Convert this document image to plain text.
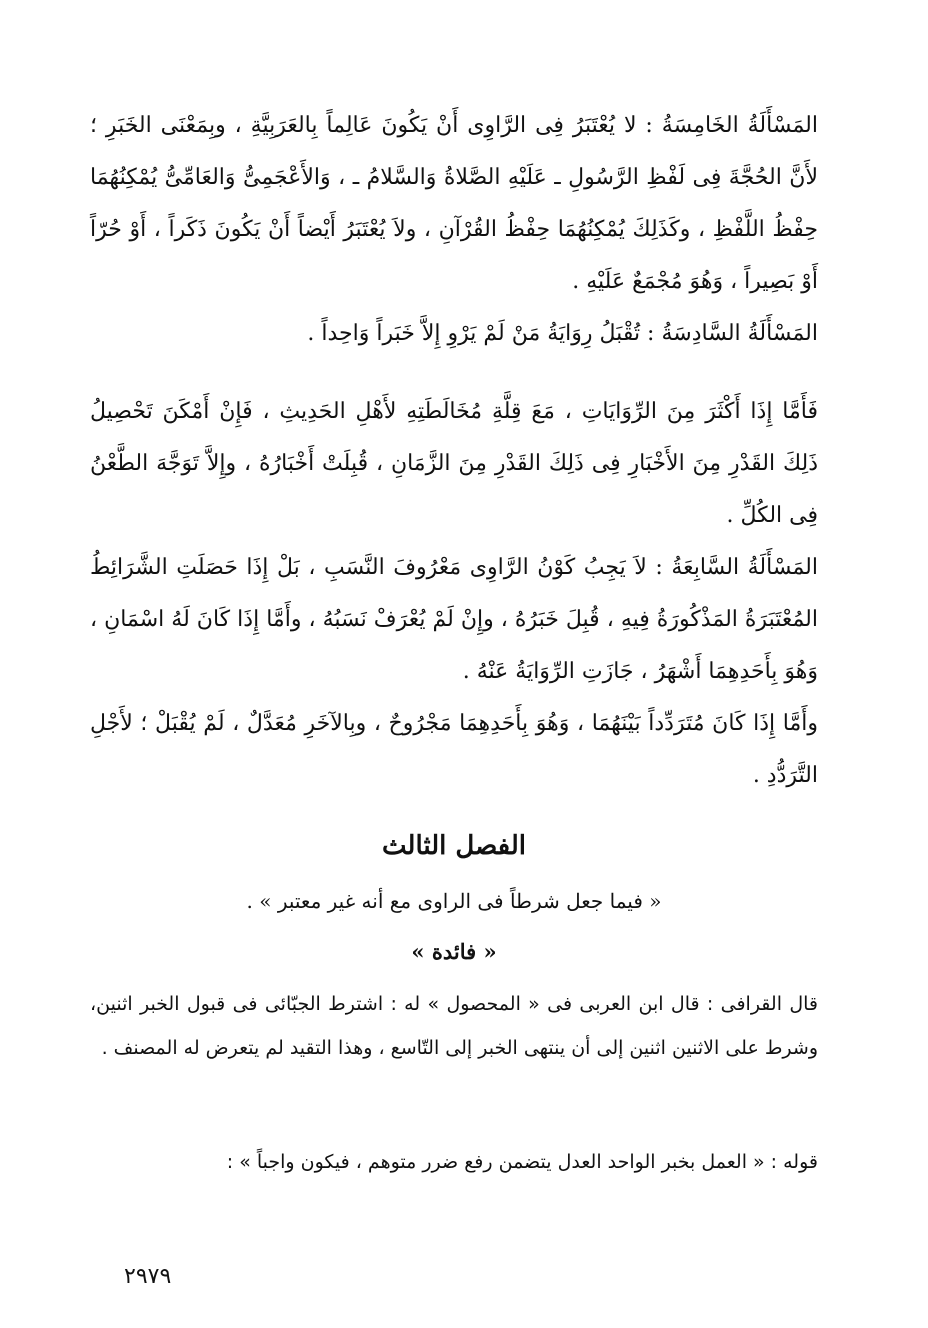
المَسْأَلَةُ الخَامِسَةُ : لا يُعْتَبَرُ فِى الرَّاوِى أَنْ يَكُونَ عَالِماً بِالعَرَبِيَّةِ ، وبِمَعْنَى الخَبَرِ ؛ لأَنَّ الحُجَّةَ فِى لَفْظِ الرَّسُولِ ـ عَلَيْهِ الصَّلاةُ وَالسَّلامُ ـ ، وَالأَعْجَمِىُّ وَالعَامِّىُّ يُمْكِنُهُمَا حِفْظُ اللَّفْظِ ، وكَذَلِكَ يُمْكِنُهُمَا حِفْظُ القُرْآنِ ، ولاَ يُعْتَبَرُ أَيْضاً أَنْ يَكُونَ ذَكَراً ، أَوْ حُرّاً أَوْ بَصِيراً ، وَهُوَ مُجْمَعٌ عَلَيْهِ .

المَسْأَلَةُ السَّادِسَةُ : تُقْبَلُ رِوَايَةُ مَنْ لَمْ يَرْوِ إِلاَّ خَبَراً وَاحِداً .

فَأَمَّا إِذَا أَكْثَرَ مِنَ الرِّوَايَاتِ ، مَعَ قِلَّةِ مُخَالَطَتِهِ لأَهْلِ الحَدِيثِ ، فَإِنْ أَمْكَنَ تَحْصِيلُ ذَلِكَ القَدْرِ مِنَ الأَخْبَارِ فِى ذَلِكَ القَدْرِ مِنَ الزَّمَانِ ، قُبِلَتْ أَخْبَارُهُ ، وإِلاَّ تَوَجَّهَ الطَّعْنُ فِى الكُلِّ .

المَسْأَلَةُ السَّابِعَةُ : لاَ يَجِبُ كَوْنُ الرَّاوِى مَعْرُوفَ النَّسَبِ ، بَلْ إِذَا حَصَلَتِ الشَّرَائِطُ المُعْتَبَرَةُ المَذْكُورَةُ فِيهِ ، قُبِلَ خَبَرُهُ ، وإِنْ لَمْ يُعْرَفْ نَسَبُهُ ، وأَمَّا إِذَا كَانَ لَهُ اسْمَانِ ، وَهُوَ بِأَحَدِهِمَا أَشْهَرُ ، جَازَتِ الرِّوَايَةُ عَنْهُ .

وأَمَّا إِذَا كَانَ مُتَرَدِّداً بَيْنَهُمَا ، وَهُوَ بِأَحَدِهِمَا مَجْرُوحٌ ، وبِالآخَرِ مُعَدَّلٌ ، لَمْ يُقْبَلْ ؛ لأَجْلِ التَّرَدُّدِ .

الفصل الثالث

« فيما جعل شرطاً فى الراوى مع أنه غير معتبر » .

« فائدة »

قال القرافى : قال ابن العربى فى « المحصول » له : اشترط الجبّائى فى قبول الخبر اثنين، وشرط على الاثنين اثنين إلى أن ينتهى الخبر إلى التّاسع ، وهذا التقيد لم يتعرض له المصنف .

قوله : « العمل بخبر الواحد العدل يتضمن رفع ضرر متوهم ، فيكون واجباً » :

٢٩٧٩
